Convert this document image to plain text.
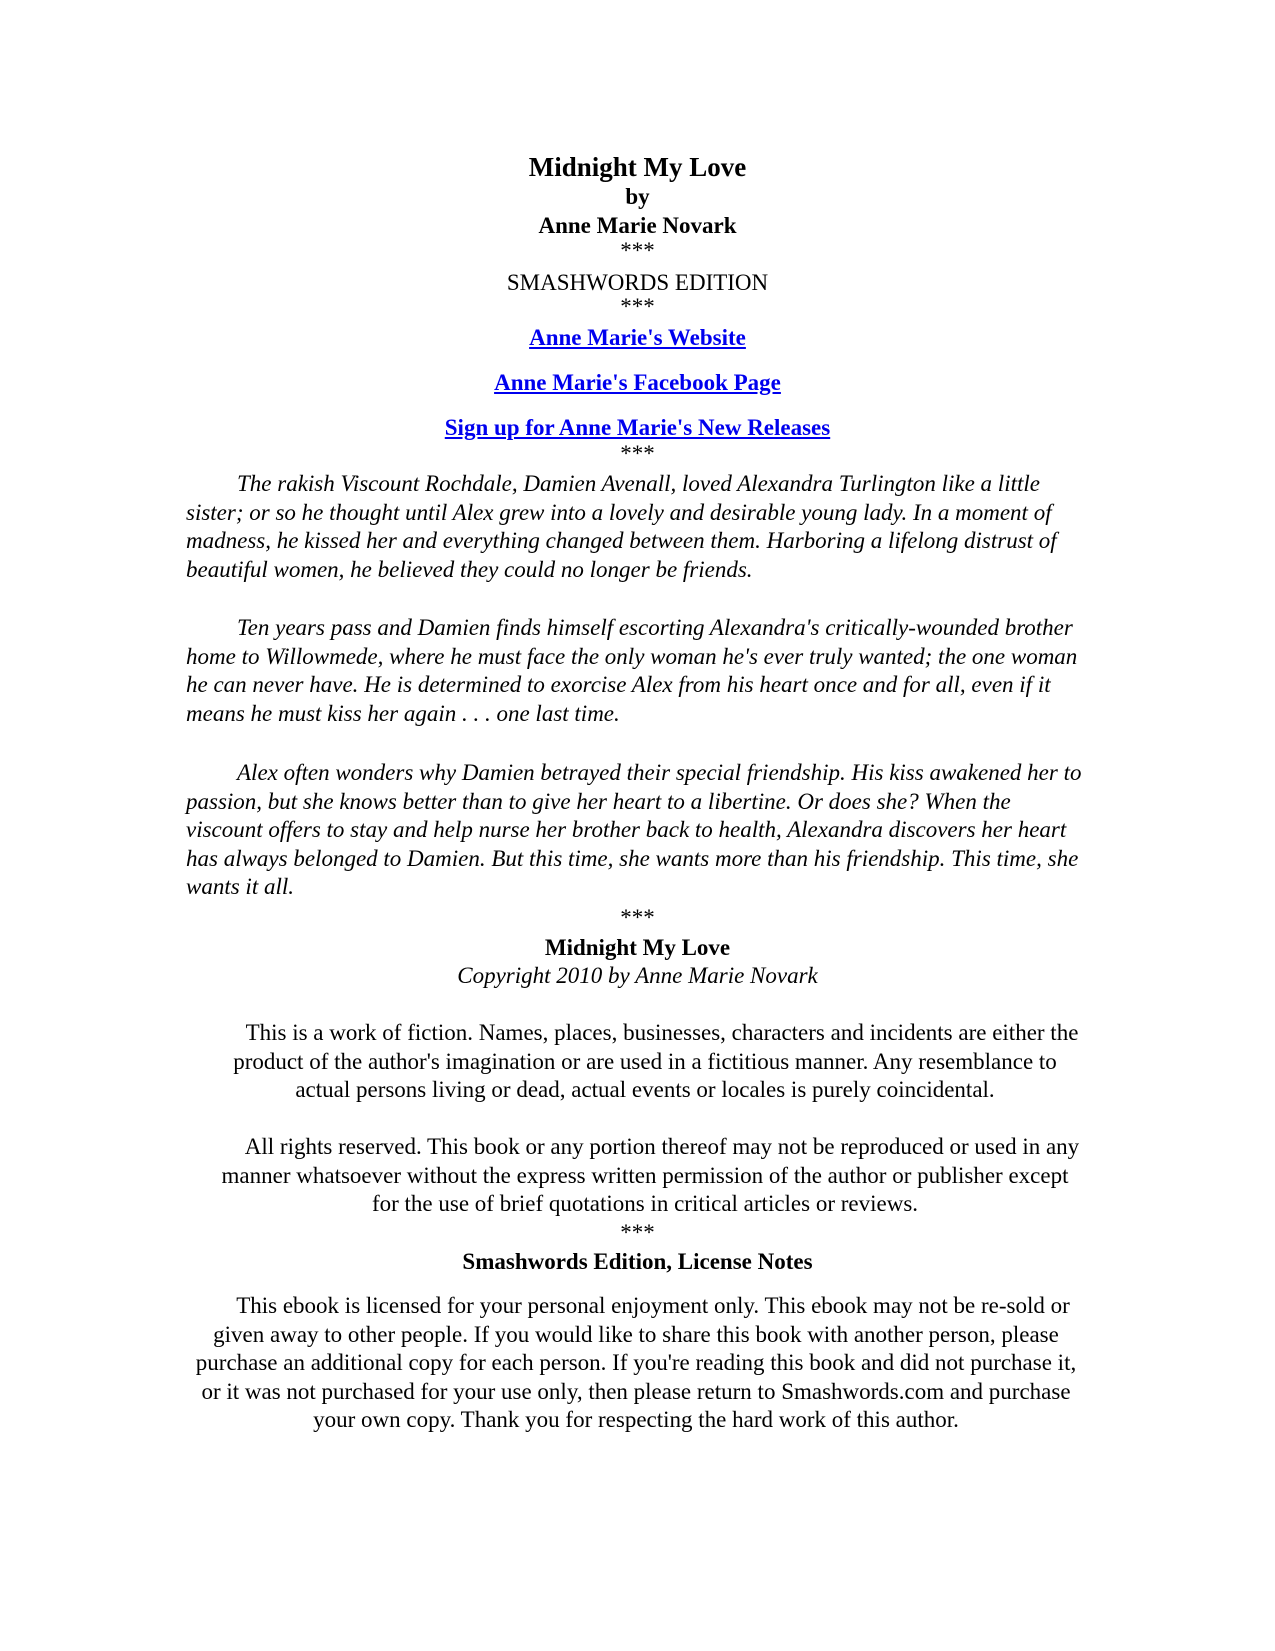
Midnight My Love

by

Anne Marie Novark

***

SMASHWORDS EDITION

***

Anne Marie's Website

Anne Marie's Facebook Page

Sign up for Anne Marie's New Releases

***

The rakish Viscount Rochdale, Damien Avenall, loved Alexandra Turlington like a little sister; or so he thought until Alex grew into a lovely and desirable young lady. In a moment of madness, he kissed her and everything changed between them. Harboring a lifelong distrust of beautiful women, he believed they could no longer be friends.

Ten years pass and Damien finds himself escorting Alexandra's critically-wounded brother home to Willowmede, where he must face the only woman he's ever truly wanted; the one woman he can never have. He is determined to exorcise Alex from his heart once and for all, even if it means he must kiss her again . . . one last time.

Alex often wonders why Damien betrayed their special friendship. His kiss awakened her to passion, but she knows better than to give her heart to a libertine. Or does she? When the viscount offers to stay and help nurse her brother back to health, Alexandra discovers her heart has always belonged to Damien. But this time, she wants more than his friendship. This time, she wants it all.

***

Midnight My Love

Copyright 2010 by Anne Marie Novark

This is a work of fiction. Names, places, businesses, characters and incidents are either the product of the author's imagination or are used in a fictitious manner. Any resemblance to actual persons living or dead, actual events or locales is purely coincidental.

All rights reserved. This book or any portion thereof may not be reproduced or used in any manner whatsoever without the express written permission of the author or publisher except for the use of brief quotations in critical articles or reviews.

***

Smashwords Edition, License Notes

This ebook is licensed for your personal enjoyment only. This ebook may not be re-sold or given away to other people. If you would like to share this book with another person, please purchase an additional copy for each person. If you're reading this book and did not purchase it, or it was not purchased for your use only, then please return to Smashwords.com and purchase your own copy. Thank you for respecting the hard work of this author.
